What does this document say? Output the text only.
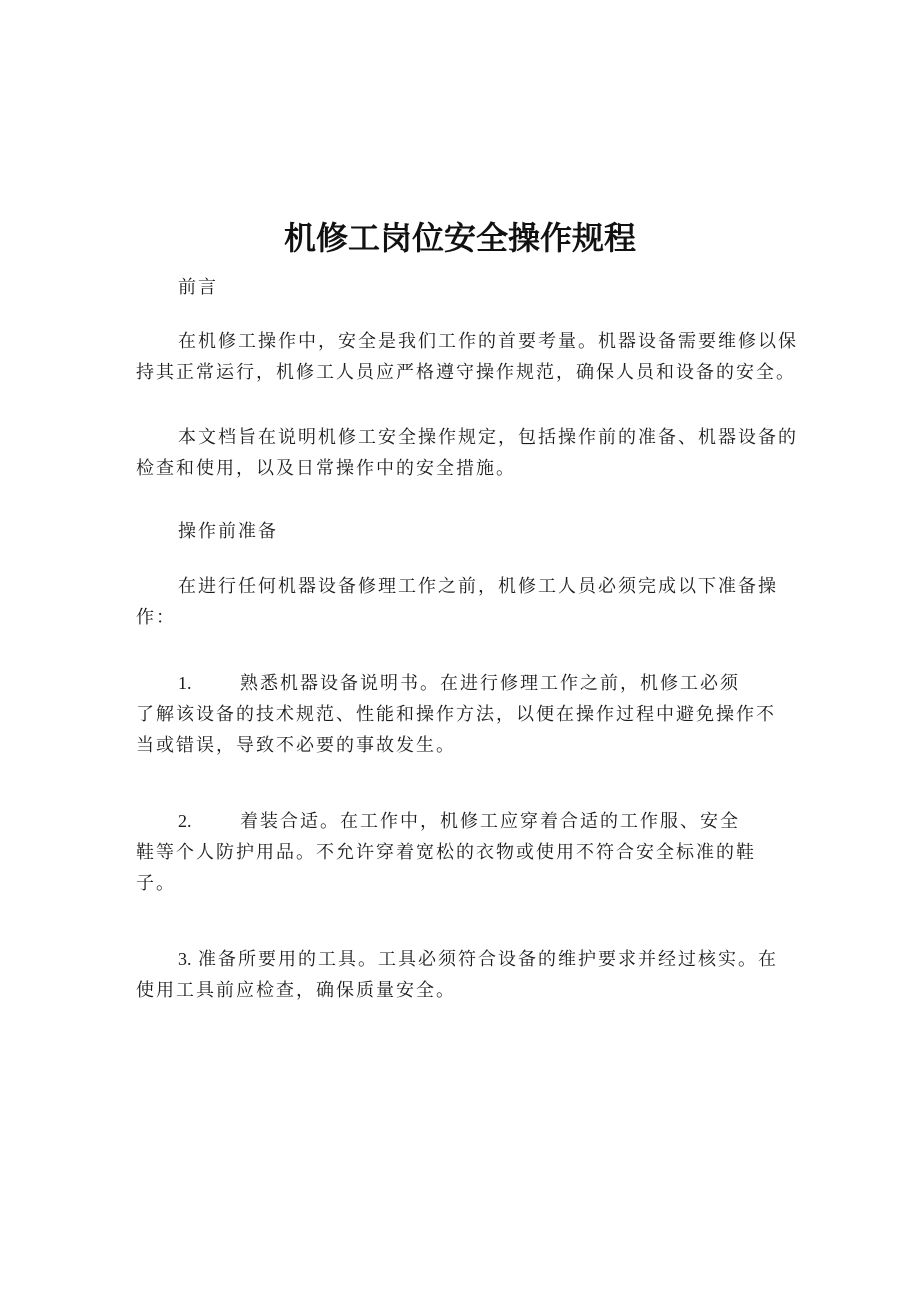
机修工岗位安全操作规程

前言

在机修工操作中，安全是我们工作的首要考量。机器设备需要维修以保
持其正常运行，机修工人员应严格遵守操作规范，确保人员和设备的安全。

本文档旨在说明机修工安全操作规定，包括操作前的准备、机器设备的
检查和使用，以及日常操作中的安全措施。

操作前准备

在进行任何机器设备修理工作之前，机修工人员必须完成以下准备操
作：

1.	熟悉机器设备说明书。在进行修理工作之前，机修工必须
了解该设备的技术规范、性能和操作方法，以便在操作过程中避免操作不
当或错误，导致不必要的事故发生。

2.	着装合适。在工作中，机修工应穿着合适的工作服、安全
鞋等个人防护用品。不允许穿着宽松的衣物或使用不符合安全标准的鞋
子。

3. 准备所要用的工具。工具必须符合设备的维护要求并经过核实。在
使用工具前应检查，确保质量安全。
